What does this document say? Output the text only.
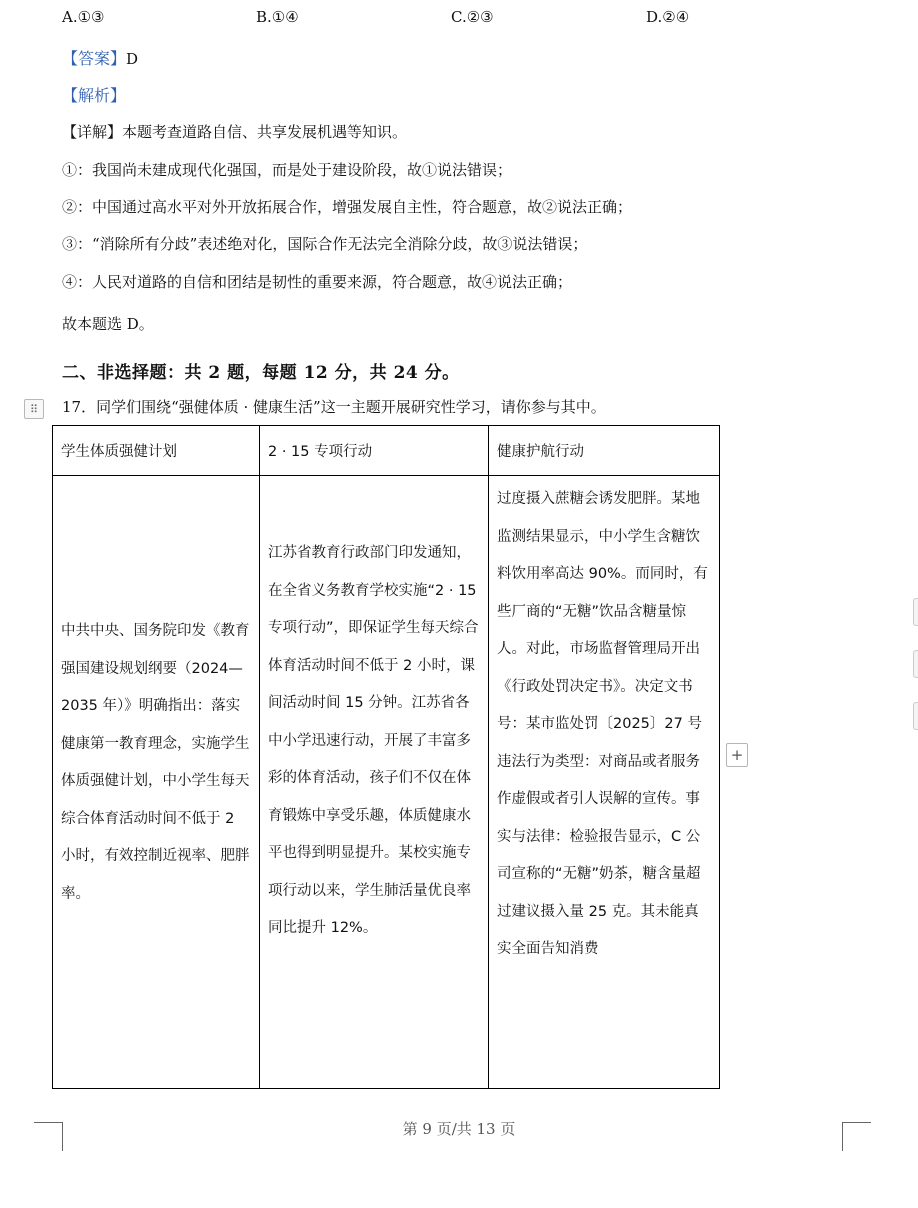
A.①③	B.①④	C.②③	D.②④
【答案】D
【解析】
【详解】本题考查道路自信、共享发展机遇等知识。
①：我国尚未建成现代化强国，而是处于建设阶段，故①说法错误；
②：中国通过高水平对外开放拓展合作，增强发展自主性，符合题意，故②说法正确；
③：“消除所有分歧”表述绝对化，国际合作无法完全消除分歧，故③说法错误；
④：人民对道路的自信和团结是韧性的重要来源，符合题意，故④说法正确；
故本题选 D。
二、非选择题：共 2 题，每题 12 分，共 24 分。
⠿	17．同学们围绕“强健体质 · 健康生活”这一主题开展研究性学习，请你参与其中。
学生体质强健计划	2 · 15 专项行动	健康护航行动

中共中央、国务院印发《教育强国建设规划纲要（2024—2035 年）》明确指出：落实健康第一教育理念，实施学生体质强健计划，中小学生每天综合体育活动时间不低于 2 小时，有效控制近视率、肥胖率。	江苏省教育行政部门印发通知，在全省义务教育学校实施“2 · 15 专项行动”，即保证学生每天综合体育活动时间不低于 2 小时，课间活动时间 15 分钟。江苏省各中小学迅速行动，开展了丰富多彩的体育活动，孩子们不仅在体育锻炼中享受乐趣，体质健康水平也得到明显提升。某校实施专项行动以来，学生肺活量优良率同比提升 12%。	过度摄入蔗糖会诱发肥胖。某地监测结果显示，中小学生含糖饮料饮用率高达 90%。而同时，有些厂商的“无糖”饮品含糖量惊人。对此，市场监督管理局开出《行政处罚决定书》。决定文书号：某市监处罚〔2025〕27 号违法行为类型：对商品或者服务作虚假或者引人误解的宣传。事实与法律：检验报告显示，C 公司宣称的“无糖”奶茶，糖含量超过建议摄入量 25 克。其未能真实全面告知消费
+
第 9 页/共 13 页
